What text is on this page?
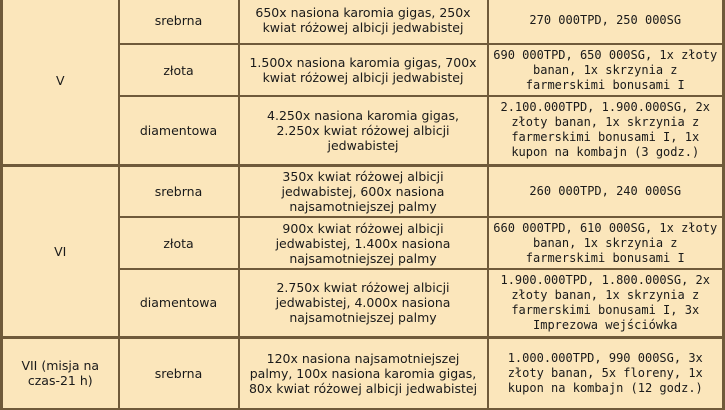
V	srebrna	650x nasiona karomia gigas, 250x kwiat różowej albicji jedwabistej	270 000TPD, 250 000SG
	złota	1.500x nasiona karomia gigas, 700x kwiat różowej albicji jedwabistej	690 000TPD, 650 000SG, 1x złoty banan, 1x skrzynia z farmerskimi bonusami I
	diamentowa	4.250x nasiona karomia gigas, 2.250x kwiat różowej albicji jedwabistej	2.100.000TPD, 1.900.000SG, 2x złoty banan, 1x skrzynia z farmerskimi bonusami I, 1x kupon na kombajn (3 godz.)
VI	srebrna	350x kwiat różowej albicji jedwabistej, 600x nasiona najsamotniejszej palmy	260 000TPD, 240 000SG
	złota	900x kwiat różowej albicji jedwabistej, 1.400x nasiona najsamotniejszej palmy	660 000TPD, 610 000SG, 1x złoty banan, 1x skrzynia z farmerskimi bonusami I
	diamentowa	2.750x kwiat różowej albicji jedwabistej, 4.000x nasiona najsamotniejszej palmy	1.900.000TPD, 1.800.000SG, 2x złoty banan, 1x skrzynia z farmerskimi bonusami I, 3x Imprezowa wejściówka
VII (misja na czas-21 h)	srebrna	120x nasiona najsamotniejszej palmy, 100x nasiona karomia gigas, 80x kwiat różowej albicji jedwabistej	1.000.000TPD, 990 000SG, 3x złoty banan, 5x floreny, 1x kupon na kombajn (12 godz.)
